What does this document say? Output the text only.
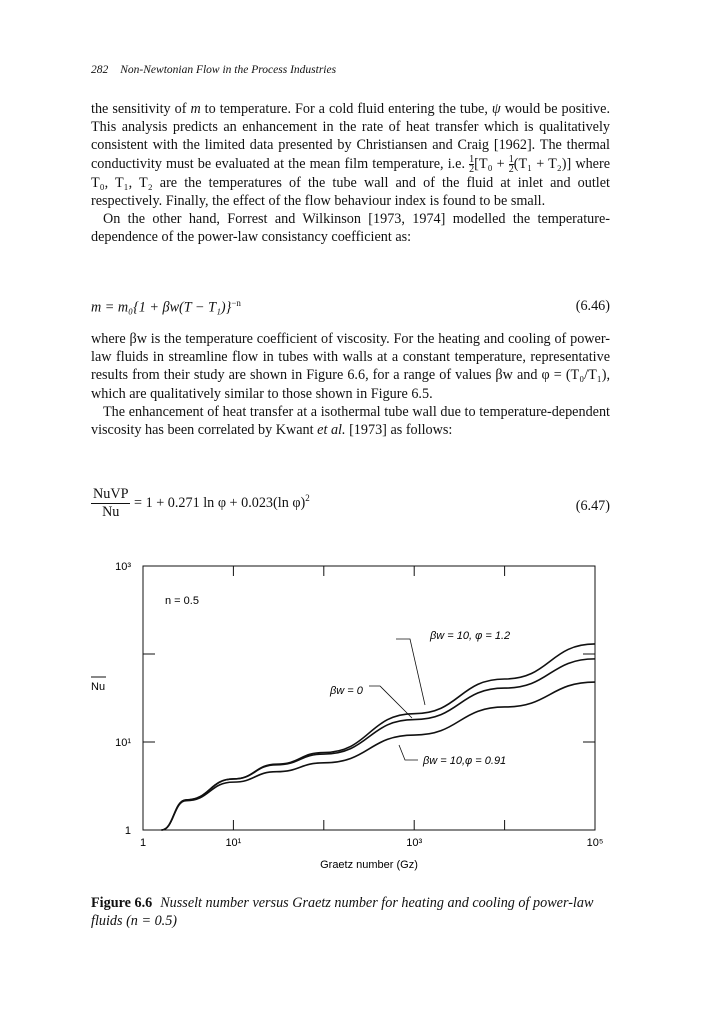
282 Non-Newtonian Flow in the Process Industries

the sensitivity of m to temperature. For a cold fluid entering the tube, ψ would be positive. This analysis predicts an enhancement in the rate of heat transfer which is qualitatively consistent with the limited data presented by Christiansen and Craig [1962]. The thermal conductivity must be evaluated at the mean film temperature, i.e. $\frac{1}{2} [T_0 + \frac{1}{2} (T_1 + T_2)]$ where T₀, T₁, T₂ are the temperatures of the tube wall and of the fluid at inlet and outlet respectively. Finally, the effect of the flow behaviour index is found to be small.

On the other hand, Forrest and Wilkinson [1973, 1974] modelled the temperature-dependence of the power-law consistancy coefficient as:

$m = m_0\{1 + \beta w(T - T_1)\}^{-n}$	(6.46)

where βw is the temperature coefficient of viscosity. For the heating and cooling of power-law fluids in streamline flow in tubes with walls at a constant temperature, representative results from their study are shown in Figure 6.6, for a range of values βw and φ = (T₀/T₁), which are qualitatively similar to those shown in Figure 6.5.

The enhancement of heat transfer at a isothermal tube wall due to temperature-dependent viscosity has been correlated by Kwant et al. [1973] as follows:

NuVP
Nu
= 1 + 0.271 ln φ + 0.023(ln φ)$^2$	(6.47)
1	10¹	10³	10⁵
1
10¹
10³
Graetz number (Gz)
Nu
n = 0.5
βw = 10, φ = 1.2
βw = 0
βw = 10,φ = 0.91
Figure 6.6 Nusselt number versus Graetz number for heating and cooling of power-law fluids (n = 0.5)
